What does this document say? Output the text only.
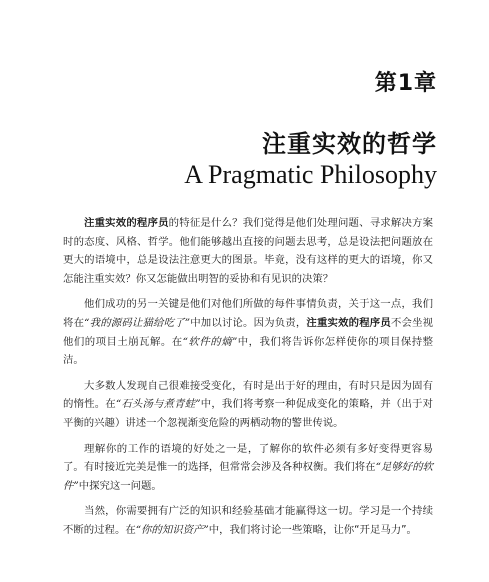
第1章
注重实效的哲学
A Pragmatic Philosophy

注重实效的程序员的特征是什么？我们觉得是他们处理问题、寻求解决方案时的态度、风格、哲学。他们能够越出直接的问题去思考，总是设法把问题放在更大的语境中，总是设法注意更大的图景。毕竟，没有这样的更大的语境，你又怎能注重实效？你又怎能做出明智的妥协和有见识的决策？

他们成功的另一关键是他们对他们所做的每件事情负责，关于这一点，我们将在“我的源码让猫给吃了”中加以讨论。因为负责，注重实效的程序员不会坐视他们的项目土崩瓦解。在“软件的熵”中，我们将告诉你怎样使你的项目保持整洁。

大多数人发现自己很难接受变化，有时是出于好的理由，有时只是因为固有的惰性。在“石头汤与煮青蛙”中，我们将考察一种促成变化的策略，并（出于对平衡的兴趣）讲述一个忽视渐变危险的两栖动物的警世传说。

理解你的工作的语境的好处之一是，了解你的软件必须有多好变得更容易了。有时接近完美是惟一的选择，但常常会涉及各种权衡。我们将在“足够好的软件”中探究这一问题。

当然，你需要拥有广泛的知识和经验基础才能赢得这一切。学习是一个持续不断的过程。在“你的知识资产”中，我们将讨论一些策略，让你“开足马力”。
